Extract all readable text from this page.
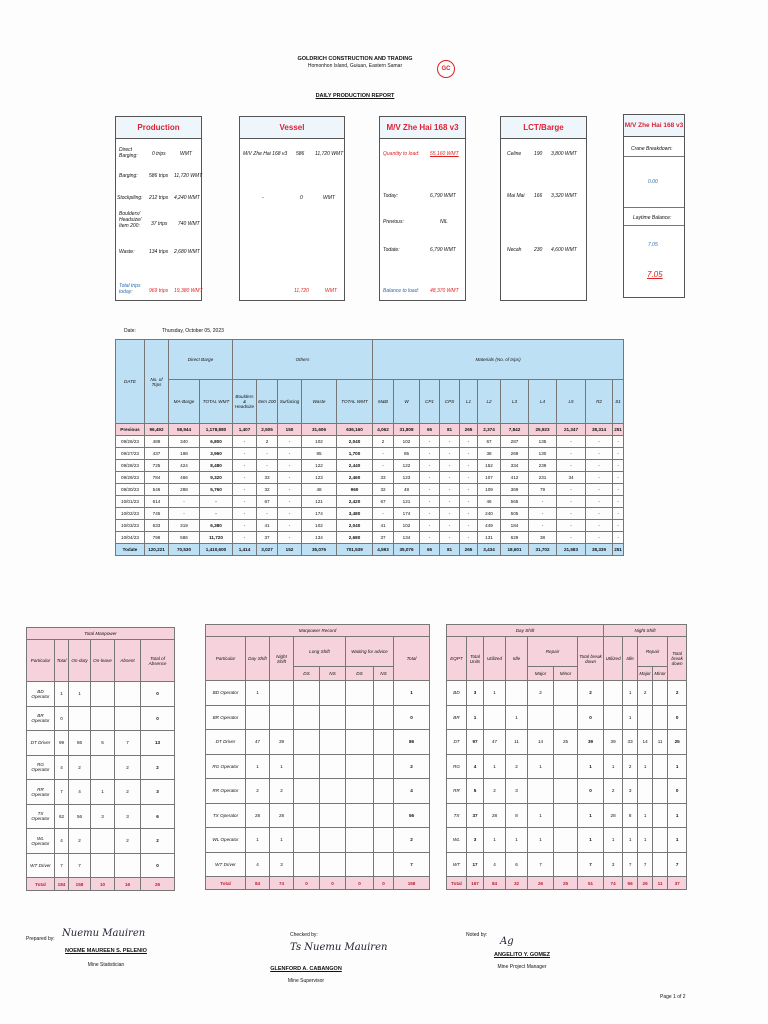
GOLDRICH CONSTRUCTION AND TRADING
Homonhon Island, Guiuan, Eastern Samar	GC
DAILY PRODUCTION REPORT
Production
Direct Barging:	0 trips	WMT
Barging: 586 trips 11,720 WMT
Stockpiling: 212 trips 4,240 WMT
Boulders/ Headsize/ Item 200:	37 trips 740 WMT
Waste:	134 trips 2,680 WMT
Total trips today:	969 trips 19,380 WMT
Vessel
M/V Zhe Hai 168 v3 586 11,720 WMT
-	0	WMT
11,720	WMT
M/V Zhe Hai 168 v3
Quantity to load: 55,160 WMT
Today:	6,790 WMT
Previous:	NIL
Todate:	6,790 WMT
Balance to load: 48,370 WMT
LCT/Barge
Celine	190 3,800 WMT
Mai Mai 166 3,320 WMT
Necah	230 4,600 WMT
M/V Zhe Hai 168 v3
Crane Breakdown:
0.00
Laytime Balance:
7.05
7.05
Date:	Thursday, October 05, 2023
DATE	No. of Trips	Direct Barge		Others					Materials (No. of trips)										
		MA-Barge	TOTAL WMT	Boulders & Headsize	Item 200	Surfacing	Waste	TOTAL WMT	M&B	W	CP1	CPS	L1	L2	L3	L4	L5	R2	S1
Previous	96,492	58,944	1,178,880	1,407	2,505	150	31,606	636,160	4,062	31,808	65	81	265	2,374	7,842	25,923	21,347	38,314	251
09/26/23	489	340	6,800	-	2	-	102	2,040	2	102	-	-	-	67	287	135	-	-	-
09/27/23	437	198	3,960	-	-	-	85	1,700	-	85	-	-	-	38	269	130	-	-	-
09/28/23	725	424	8,480	-	-	-	122	2,440	-	122	-	-	-	152	334	239	-	-	-
09/29/23	784	466	9,320	-	33	-	123	2,460	33	123	-	-	-	107	412	231	34	-	-
09/30/23	546	288	5,760	-	32	-	48	960	32	48	-	-	-	109	369	79	-	-	-
10/01/23	614	-	-	-	67	-	121	2,420	67	121	-	-	-	46	565	-	-	-	-
10/02/23	745	-	-	-	-	-	174	3,480	-	174	-	-	-	240	505	-	-	-	-
10/03/23	633	319	6,380	-	41	-	102	2,040	41	102	-	-	-	449	184	-	-	-	-
10/04/23	798	586	11,720	-	37	-	134	2,680	37	134	-	-	-	131	629	38	-	-	-
Todate	120,221	70,530	1,410,600	1,414	3,027	152	35,076	701,539	4,593	35,076	65	81	265	3,434	18,601	31,702	21,583	38,339	251
Total Manpower					
Particular	Total	On-duty	On-leave	Absent	Total of Absence
BD Operator	1	1			0
BR Operator	0				0
DT Driver	99	86	6	7	13
RG Operator	4	2		2	2
RR Operator	7	4	1	2	3
TX Operator	62	56	3	3	6
WL Operator	4	2		2	2
WT Driver	7	7			0
Total	184	158	10	16	26
Manpower Record							
Particular	Day Shift	Night Shift	Long Shift		Waiting for advice		Total
			DS	NS	DS	NS	
BD Operator	1						1
BR Operator							0
DT Driver	47	39					86
RG Operator	1	1					2
RR Operator	2	2					4
TX Operator	28	28					56
WL Operator	1	1					2
WT Driver	4	3					7
Total	84	74	0	0	0	0	158
Day Shift							Night Shift				
EQPT	Total Units	Utilized	Idle	Repair		Total break down	Utilized	Idle	Repair		Total break down
				Major	Minor				Major	Minor	
BD	3	1		2		2		1	2		2
BR	1		1			0		1			0
DT	97	47	11	14	25	39	39	33	14	11	25
RG	4	1	2	1		1	1	2	1		1
RR	5	2	3			0	2	3			0
TX	37	28	8	1		1	28	8	1		1
WL	3	1	1	1		1	1	1	1		1
WT	17	4	6	7		7	3	7	7		7
Total	167	84	32	26	25	51	74	56	26	11	37
Prepared by: Nuemu Mauiren
NOEME MAUREEN S. PELENIO
Mine Statistician
Checked by:
Ts Nuemu Mauiren
GLENFORD A. CABANGON
Mine Supervisor
Noted by:
Ag
ANGELITO Y. GOMEZ
Mine Project Manager
Page 1 of 2
